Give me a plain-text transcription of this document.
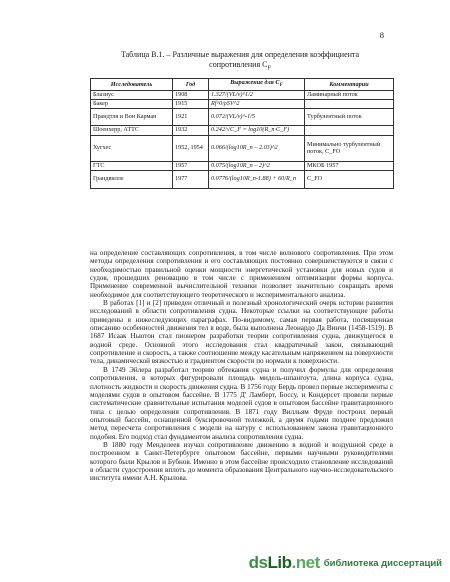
8
Таблица В.1. – Различные выражения для определения коэффициента
сопротивления $C_F$
Исследователь	Год	Выражение для $C_F$	Комментарии
Блазиус	1908	1.327/(VL/ν)^1/2	Ламинарный поток
Бакер	1915	Rf^0/ρSV^2	
Прандтля и Вон Карман	1921	0.072/(VL/ν)^-1/5	Турбулентный поток
Шоенхерр, АТТС	1932	0.242/√C_F = log10(R_n·C_F)	
Хугхес	1952, 1954	0.066/(log10R_n – 2.03)^2	Минимально турбулентный поток, C_FO
ГТС	1957	0.075/(log10R_n – 2)^2	МКОБ 1957
Грандвилле	1977	0.0776/(log10R_n-1.88) + 60/R_n	C_FO

на определение составляющих сопротивления, в том числе волнового сопротивления. При этом методы определения сопротивления и его составляющих постоянно совершенствуются в связи с необходимостью правильной оценки мощности энергетической установки для новых судов и судов, прошедших реновацию в том числе с применением оптимизации формы корпуса. Применение современной вычислительной техники позволяет значительно сокращать время необходимое для соответствующего теоретического и экспериментального анализа.

В работах [1] и [2] приведен отличный и полезный хронологический очерк истории развития исследований в области сопротивления судна. Некоторые ссылки на соответствующие работы приведены в нижеследующих параграфах. По-видимому, самая первая работа, посвященная описанию особенностей движения тел в воде, была выполнена Леонардо Да Винчи (1458-1519). В 1687 Исаак Ньютон стал пионером разработки теории сопротивления судна, движущегося в водной среде. Основной этого исследования стал квадратичный закон, связывающий сопротивление и скорость, а также соотношение между касательным напряжением на поверхности тела, динамической вязкостью и градиентом скорости по нормали к поверхности.

В 1749 Эйлера разработал теорию обтекания судна и получил формулы для определения сопротивления, в которых фигурировали площадь мидель-шпангоута, длина корпуса судна, плотность жидкости и скорость движения судна. В 1756 году Бердь провел первые эксперименты с моделями судов в опытовом бассейне. В 1775 Д' Ламберт, Боссу, и Кондерсет провели первые систематические сравнительные испытания моделей судов в опытовом бассейне гравитационного типа с целью определения сопротивления. В 1871 году Вилльям Фруде построил первый опытовый бассейн, оснащенной буксировочной тележкой, а двумя годами позднее предложил метод пересчета сопротивления с модели на натуру с использованием закона гравитационного подобия. Его подход стал фундаментом анализа сопротивления судна.

В 1880 году Менделеев изучал сопротивление движению в водной и воздушной среде в построенном в Санкт-Петербурге опытовом бассейне, первыми научными руководителями которого были Крылов и Бубнов. Именно в этом бассейне происходило становление исследований в области судостроения вплоть до момента образования Центрального научно-исследовательского института имени А.Н. Крылова.

dsLib.net библиотека диссертаций
